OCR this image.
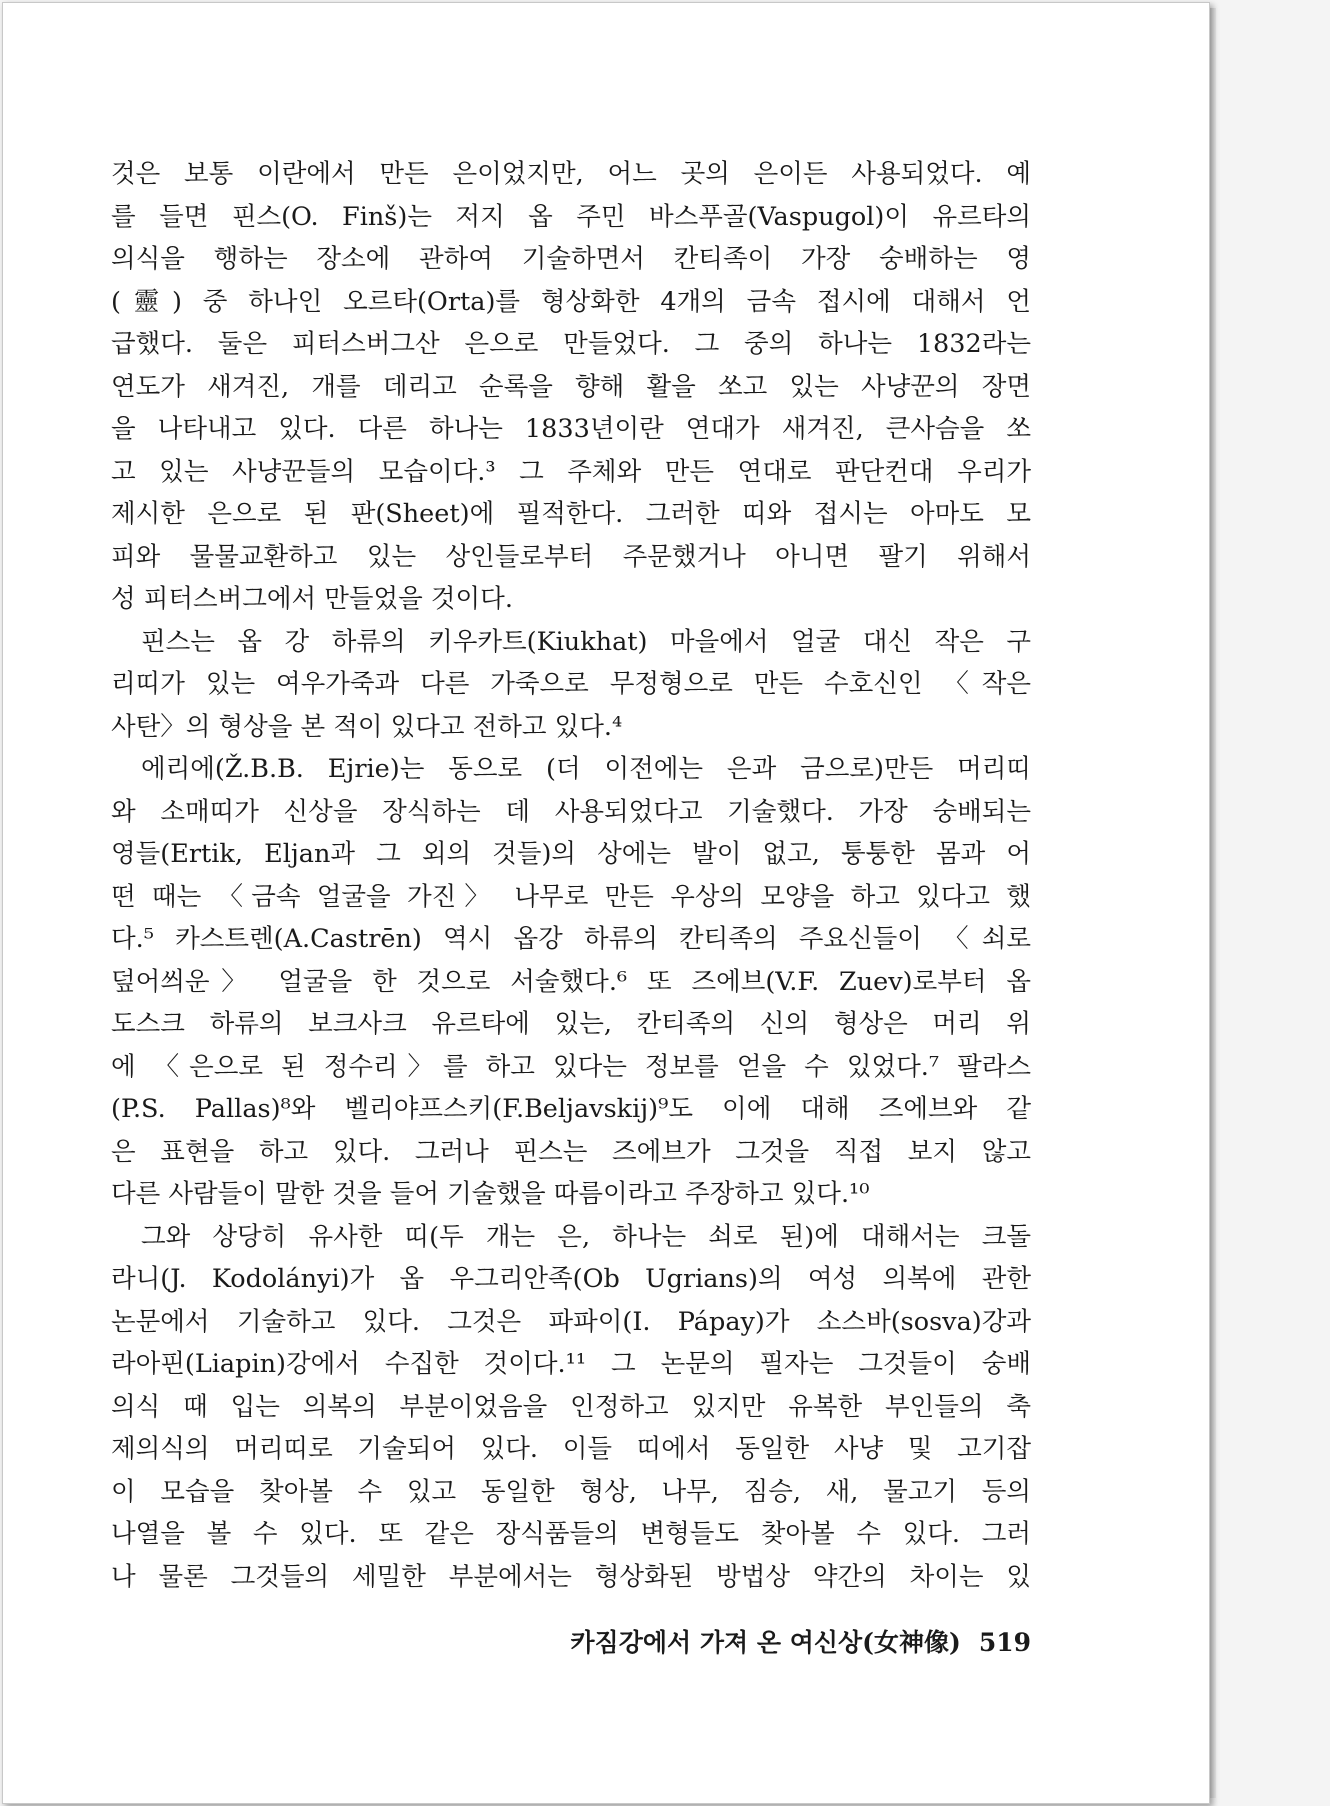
것은 보통 이란에서 만든 은이었지만, 어느 곳의 은이든 사용되었다. 예
를 들면 핀스(O. Finš)는 저지 옵 주민 바스푸골(Vaspugol)이 유르타의
의식을 행하는 장소에 관하여 기술하면서 칸티족이 가장 숭배하는 영
(靈) 중 하나인 오르타(Orta)를 형상화한 4개의 금속 접시에 대해서 언
급했다. 둘은 피터스버그산 은으로 만들었다. 그 중의 하나는 1832라는
연도가 새겨진, 개를 데리고 순록을 향해 활을 쏘고 있는 사냥꾼의 장면
을 나타내고 있다. 다른 하나는 1833년이란 연대가 새겨진, 큰사슴을 쏘
고 있는 사냥꾼들의 모습이다.³ 그 주체와 만든 연대로 판단컨대 우리가
제시한 은으로 된 판(Sheet)에 필적한다. 그러한 띠와 접시는 아마도 모
피와 물물교환하고 있는 상인들로부터 주문했거나 아니면 팔기 위해서
성 피터스버그에서 만들었을 것이다.
핀스는 옵 강 하류의 키우카트(Kiukhat) 마을에서 얼굴 대신 작은 구
리띠가 있는 여우가죽과 다른 가죽으로 무정형으로 만든 수호신인 〈작은
사탄〉의 형상을 본 적이 있다고 전하고 있다.⁴
에리에(Ž.B.B. Ejrie)는 동으로 (더 이전에는 은과 금으로)만든 머리띠
와 소매띠가 신상을 장식하는 데 사용되었다고 기술했다. 가장 숭배되는
영들(Ertik, Eljan과 그 외의 것들)의 상에는 발이 없고, 퉁퉁한 몸과 어
떤 때는 〈금속 얼굴을 가진〉 나무로 만든 우상의 모양을 하고 있다고 했
다.⁵ 카스트렌(A.Castrēn) 역시 옵강 하류의 칸티족의 주요신들이 〈쇠로
덮어씌운〉 얼굴을 한 것으로 서술했다.⁶ 또 즈에브(V.F. Zuev)로부터 옵
도스크 하류의 보크사크 유르타에 있는, 칸티족의 신의 형상은 머리 위
에 〈은으로 된 정수리〉를 하고 있다는 정보를 얻을 수 있었다.⁷ 팔라스
(P.S. Pallas)⁸와 벨리야프스키(F.Beljavskij)⁹도 이에 대해 즈에브와 같
은 표현을 하고 있다. 그러나 핀스는 즈에브가 그것을 직접 보지 않고
다른 사람들이 말한 것을 들어 기술했을 따름이라고 주장하고 있다.¹⁰
그와 상당히 유사한 띠(두 개는 은, 하나는 쇠로 된)에 대해서는 크돌
라니(J. Kodolányi)가 옵 우그리안족(Ob Ugrians)의 여성 의복에 관한
논문에서 기술하고 있다. 그것은 파파이(I. Pápay)가 소스바(sosva)강과
라아핀(Liapin)강에서 수집한 것이다.¹¹ 그 논문의 필자는 그것들이 숭배
의식 때 입는 의복의 부분이었음을 인정하고 있지만 유복한 부인들의 축
제의식의 머리띠로 기술되어 있다. 이들 띠에서 동일한 사냥 및 고기잡
이 모습을 찾아볼 수 있고 동일한 형상, 나무, 짐승, 새, 물고기 등의
나열을 볼 수 있다. 또 같은 장식품들의 변형들도 찾아볼 수 있다. 그러
나 물론 그것들의 세밀한 부분에서는 형상화된 방법상 약간의 차이는 있
카짐강에서 가져 온 여신상(女神像) 519
